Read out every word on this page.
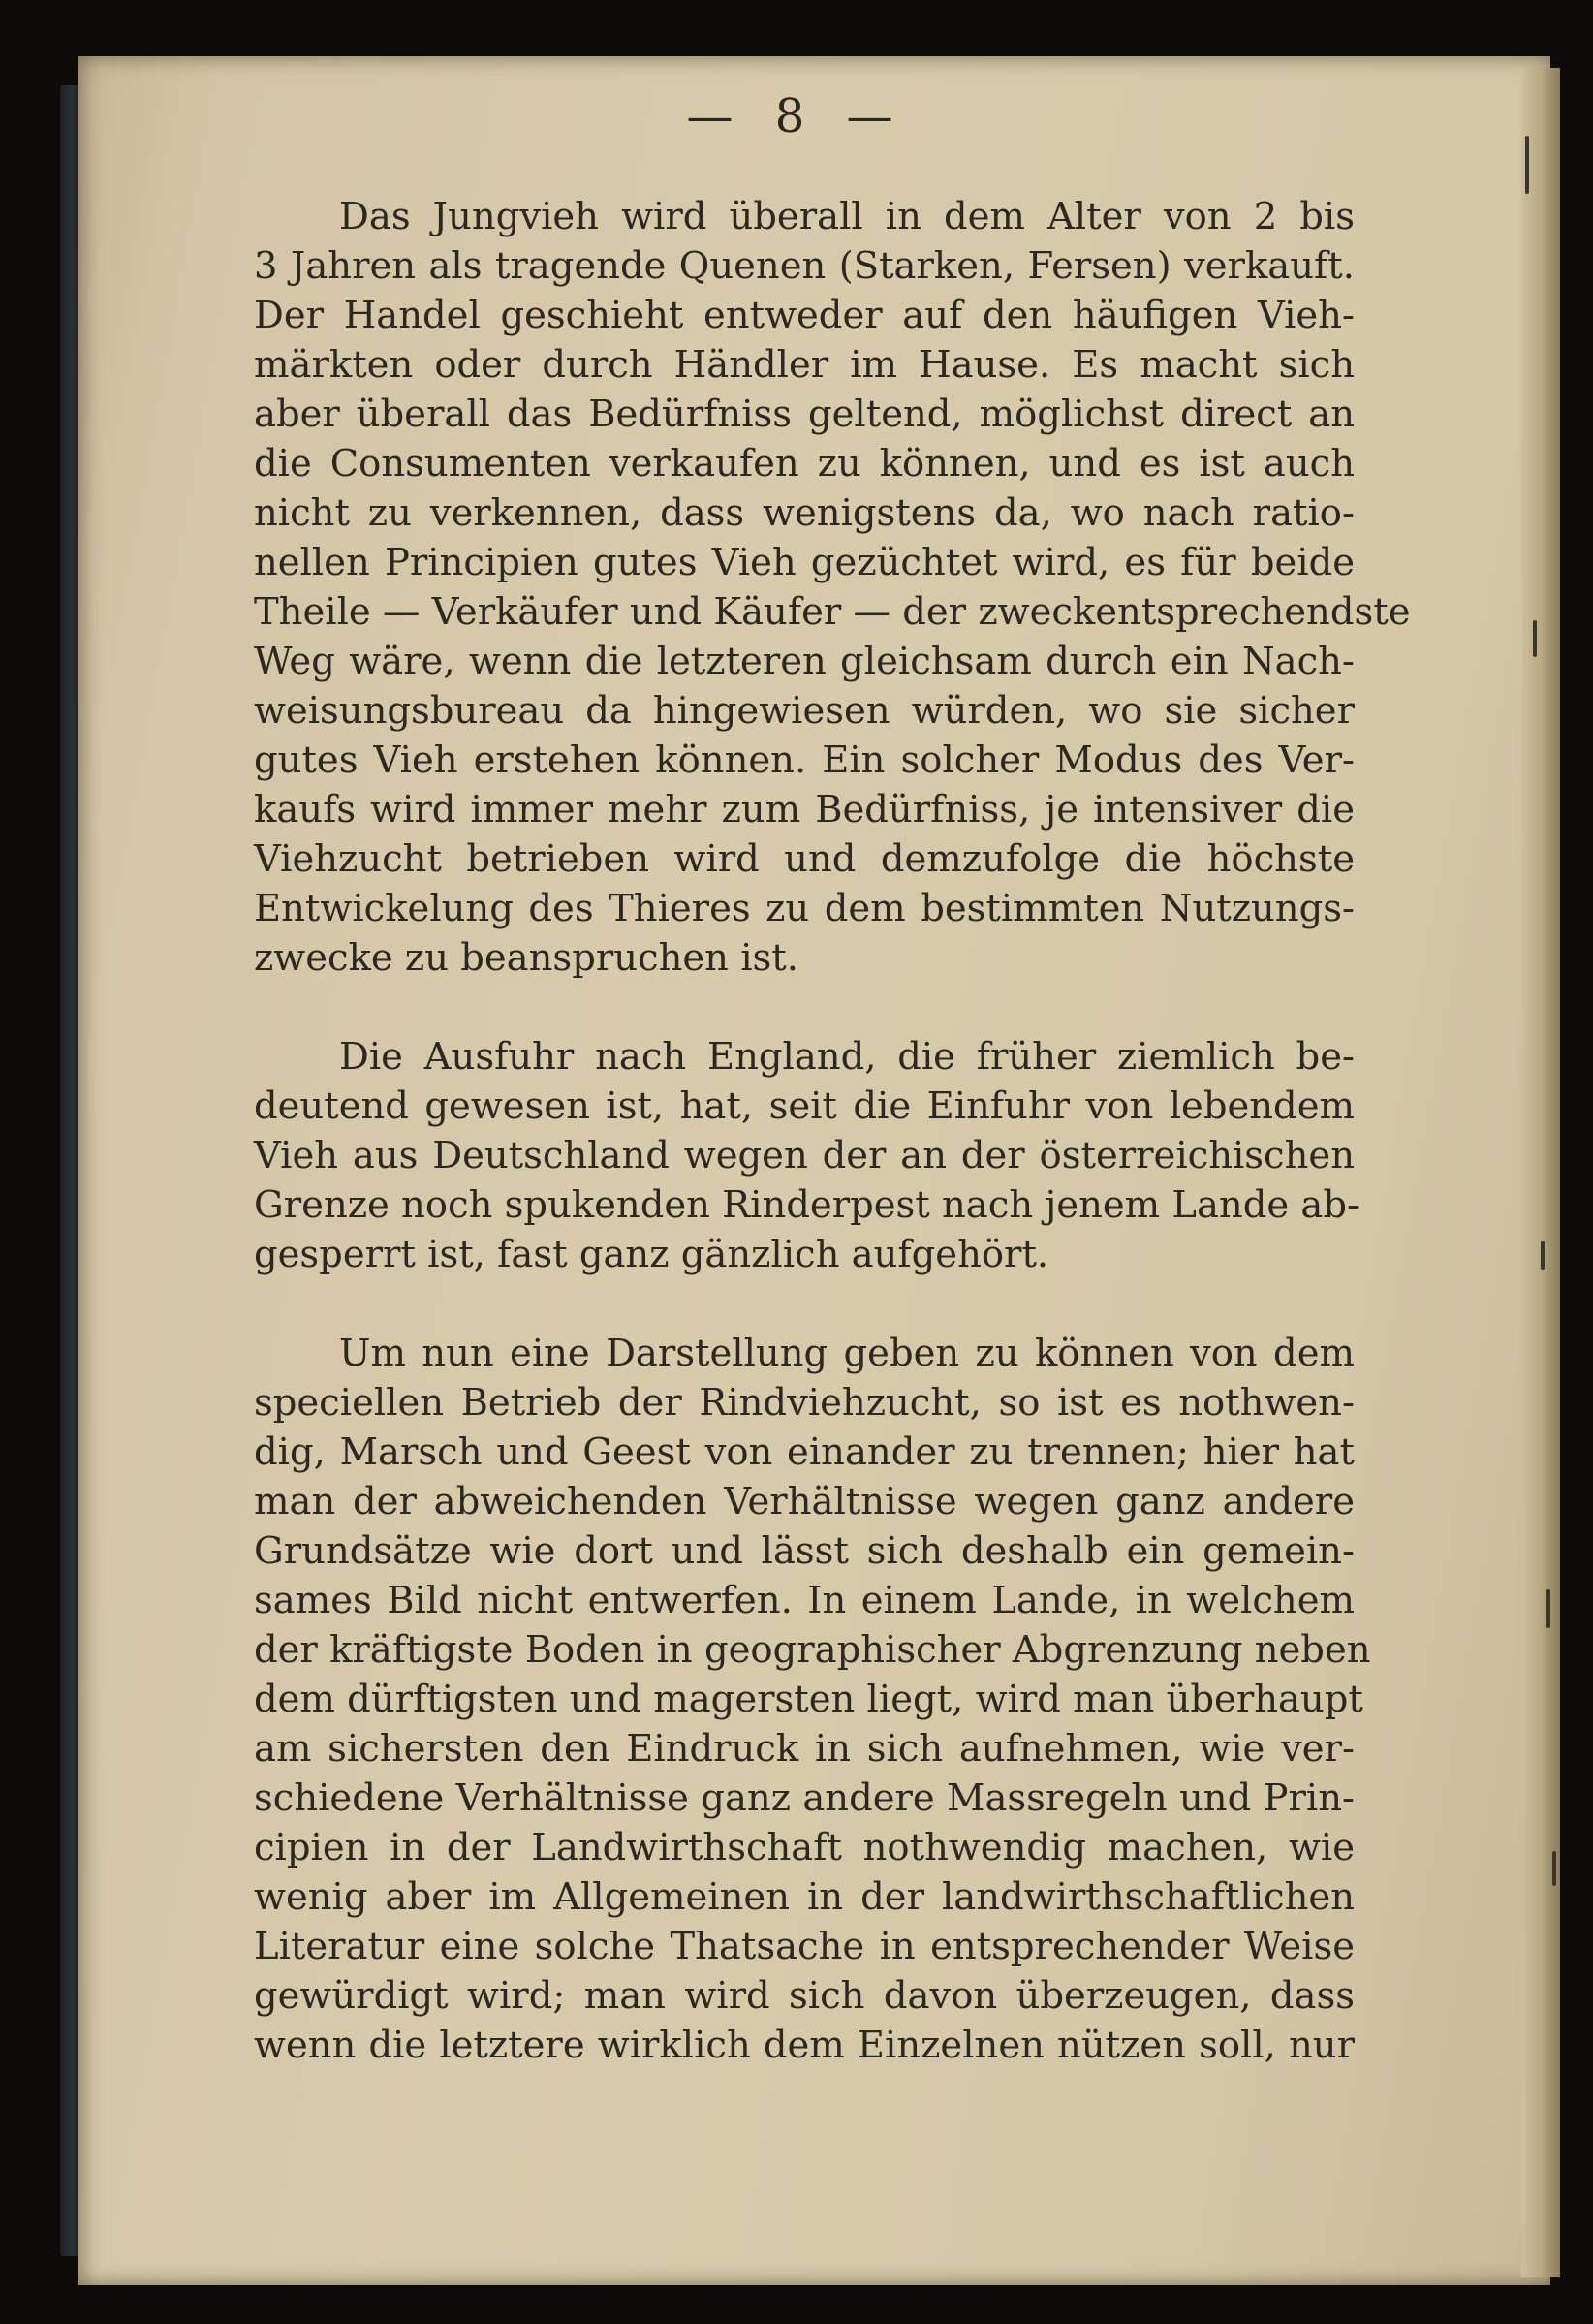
— 8 —
Das Jungvieh wird überall in dem Alter von 2 bis
3 Jahren als tragende Quenen (Starken, Fersen) verkauft.
Der Handel geschieht entweder auf den häufigen Vieh-
märkten oder durch Händler im Hause. Es macht sich
aber überall das Bedürfniss geltend, möglichst direct an
die Consumenten verkaufen zu können, und es ist auch
nicht zu verkennen, dass wenigstens da, wo nach ratio-
nellen Principien gutes Vieh gezüchtet wird, es für beide
Theile — Verkäufer und Käufer — der zweckentsprechendste
Weg wäre, wenn die letzteren gleichsam durch ein Nach-
weisungsbureau da hingewiesen würden, wo sie sicher
gutes Vieh erstehen können. Ein solcher Modus des Ver-
kaufs wird immer mehr zum Bedürfniss, je intensiver die
Viehzucht betrieben wird und demzufolge die höchste
Entwickelung des Thieres zu dem bestimmten Nutzungs-
zwecke zu beanspruchen ist.
Die Ausfuhr nach England, die früher ziemlich be-
deutend gewesen ist, hat, seit die Einfuhr von lebendem
Vieh aus Deutschland wegen der an der österreichischen
Grenze noch spukenden Rinderpest nach jenem Lande ab-
gesperrt ist, fast ganz gänzlich aufgehört.
Um nun eine Darstellung geben zu können von dem
speciellen Betrieb der Rindviehzucht, so ist es nothwen-
dig, Marsch und Geest von einander zu trennen; hier hat
man der abweichenden Verhältnisse wegen ganz andere
Grundsätze wie dort und lässt sich deshalb ein gemein-
sames Bild nicht entwerfen. In einem Lande, in welchem
der kräftigste Boden in geographischer Abgrenzung neben
dem dürftigsten und magersten liegt, wird man überhaupt
am sichersten den Eindruck in sich aufnehmen, wie ver-
schiedene Verhältnisse ganz andere Massregeln und Prin-
cipien in der Landwirthschaft nothwendig machen, wie
wenig aber im Allgemeinen in der landwirthschaftlichen
Literatur eine solche Thatsache in entsprechender Weise
gewürdigt wird; man wird sich davon überzeugen, dass
wenn die letztere wirklich dem Einzelnen nützen soll, nur
